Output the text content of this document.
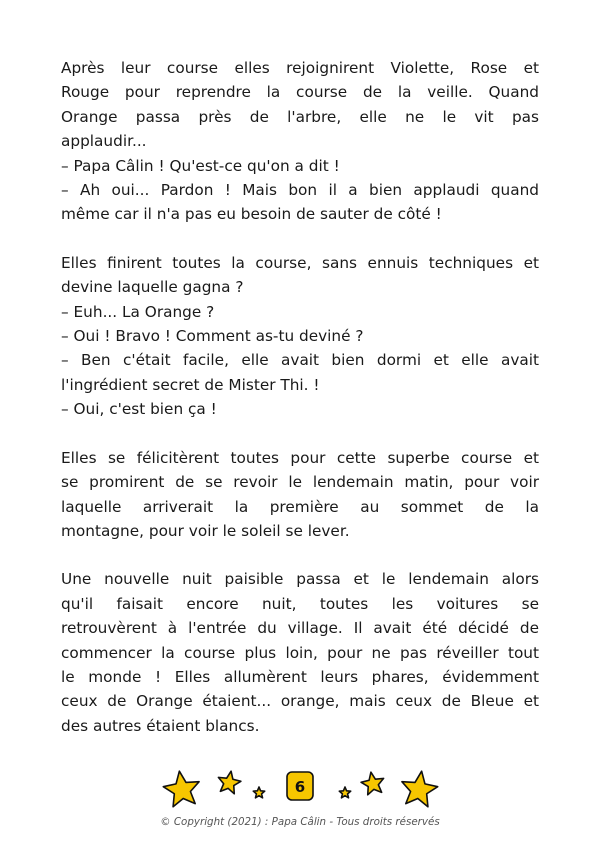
Après leur course elles rejoignirent Violette, Rose et
Rouge pour reprendre la course de la veille. Quand
Orange passa près de l'arbre, elle ne le vit pas
applaudir...
– Papa Câlin ! Qu'est-ce qu'on a dit !
– Ah oui... Pardon ! Mais bon il a bien applaudi quand
même car il n'a pas eu besoin de sauter de côté !
Elles finirent toutes la course, sans ennuis techniques et
devine laquelle gagna ?
– Euh... La Orange ?
– Oui ! Bravo ! Comment as-tu deviné ?
– Ben c'était facile, elle avait bien dormi et elle avait
l'ingrédient secret de Mister Thi. !
– Oui, c'est bien ça !
Elles se félicitèrent toutes pour cette superbe course et
se promirent de se revoir le lendemain matin, pour voir
laquelle arriverait la première au sommet de la
montagne, pour voir le soleil se lever.
Une nouvelle nuit paisible passa et le lendemain alors
qu'il faisait encore nuit, toutes les voitures se
retrouvèrent à l'entrée du village. Il avait été décidé de
commencer la course plus loin, pour ne pas réveiller tout
le monde ! Elles allumèrent leurs phares, évidemment
ceux de Orange étaient... orange, mais ceux de Bleue et
des autres étaient blancs.
6
© Copyright (2021) : Papa Câlin - Tous droits réservés
